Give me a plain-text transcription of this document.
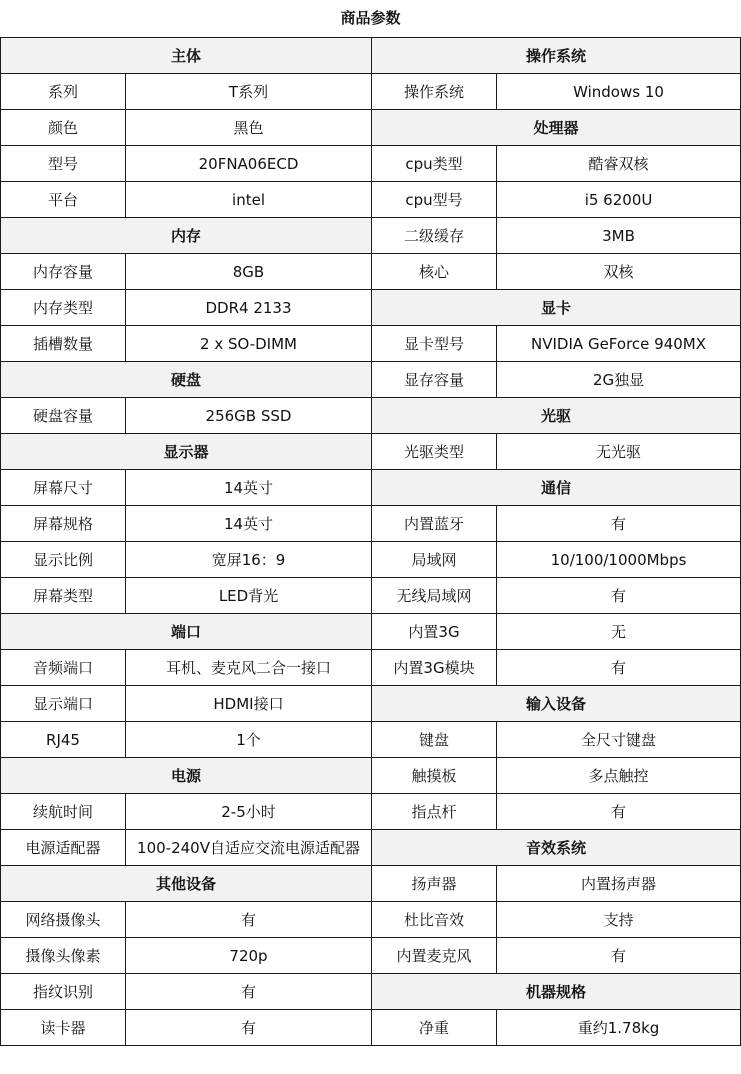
商品参数
主体		操作系统	
系列	T系列	操作系统	Windows 10
颜色	黑色	处理器	
型号	20FNA06ECD	cpu类型	酷睿双核
平台	intel	cpu型号	i5 6200U
内存		二级缓存	3MB
内存容量	8GB	核心	双核
内存类型	DDR4 2133	显卡	
插槽数量	2 x SO-DIMM	显卡型号	NVIDIA GeForce 940MX
硬盘		显存容量	2G独显
硬盘容量	256GB SSD	光驱	
显示器		光驱类型	无光驱
屏幕尺寸	14英寸	通信	
屏幕规格	14英寸	内置蓝牙	有
显示比例	宽屏16：9	局域网	10/100/1000Mbps
屏幕类型	LED背光	无线局域网	有
端口		内置3G	无
音频端口	耳机、麦克风二合一接口	内置3G模块	有
显示端口	HDMI接口	输入设备	
RJ45	1个	键盘	全尺寸键盘
电源		触摸板	多点触控
续航时间	2-5小时	指点杆	有
电源适配器	100-240V自适应交流电源适配器	音效系统	
其他设备		扬声器	内置扬声器
网络摄像头	有	杜比音效	支持
摄像头像素	720p	内置麦克风	有
指纹识别	有	机器规格	
读卡器	有	净重	重约1.78kg
